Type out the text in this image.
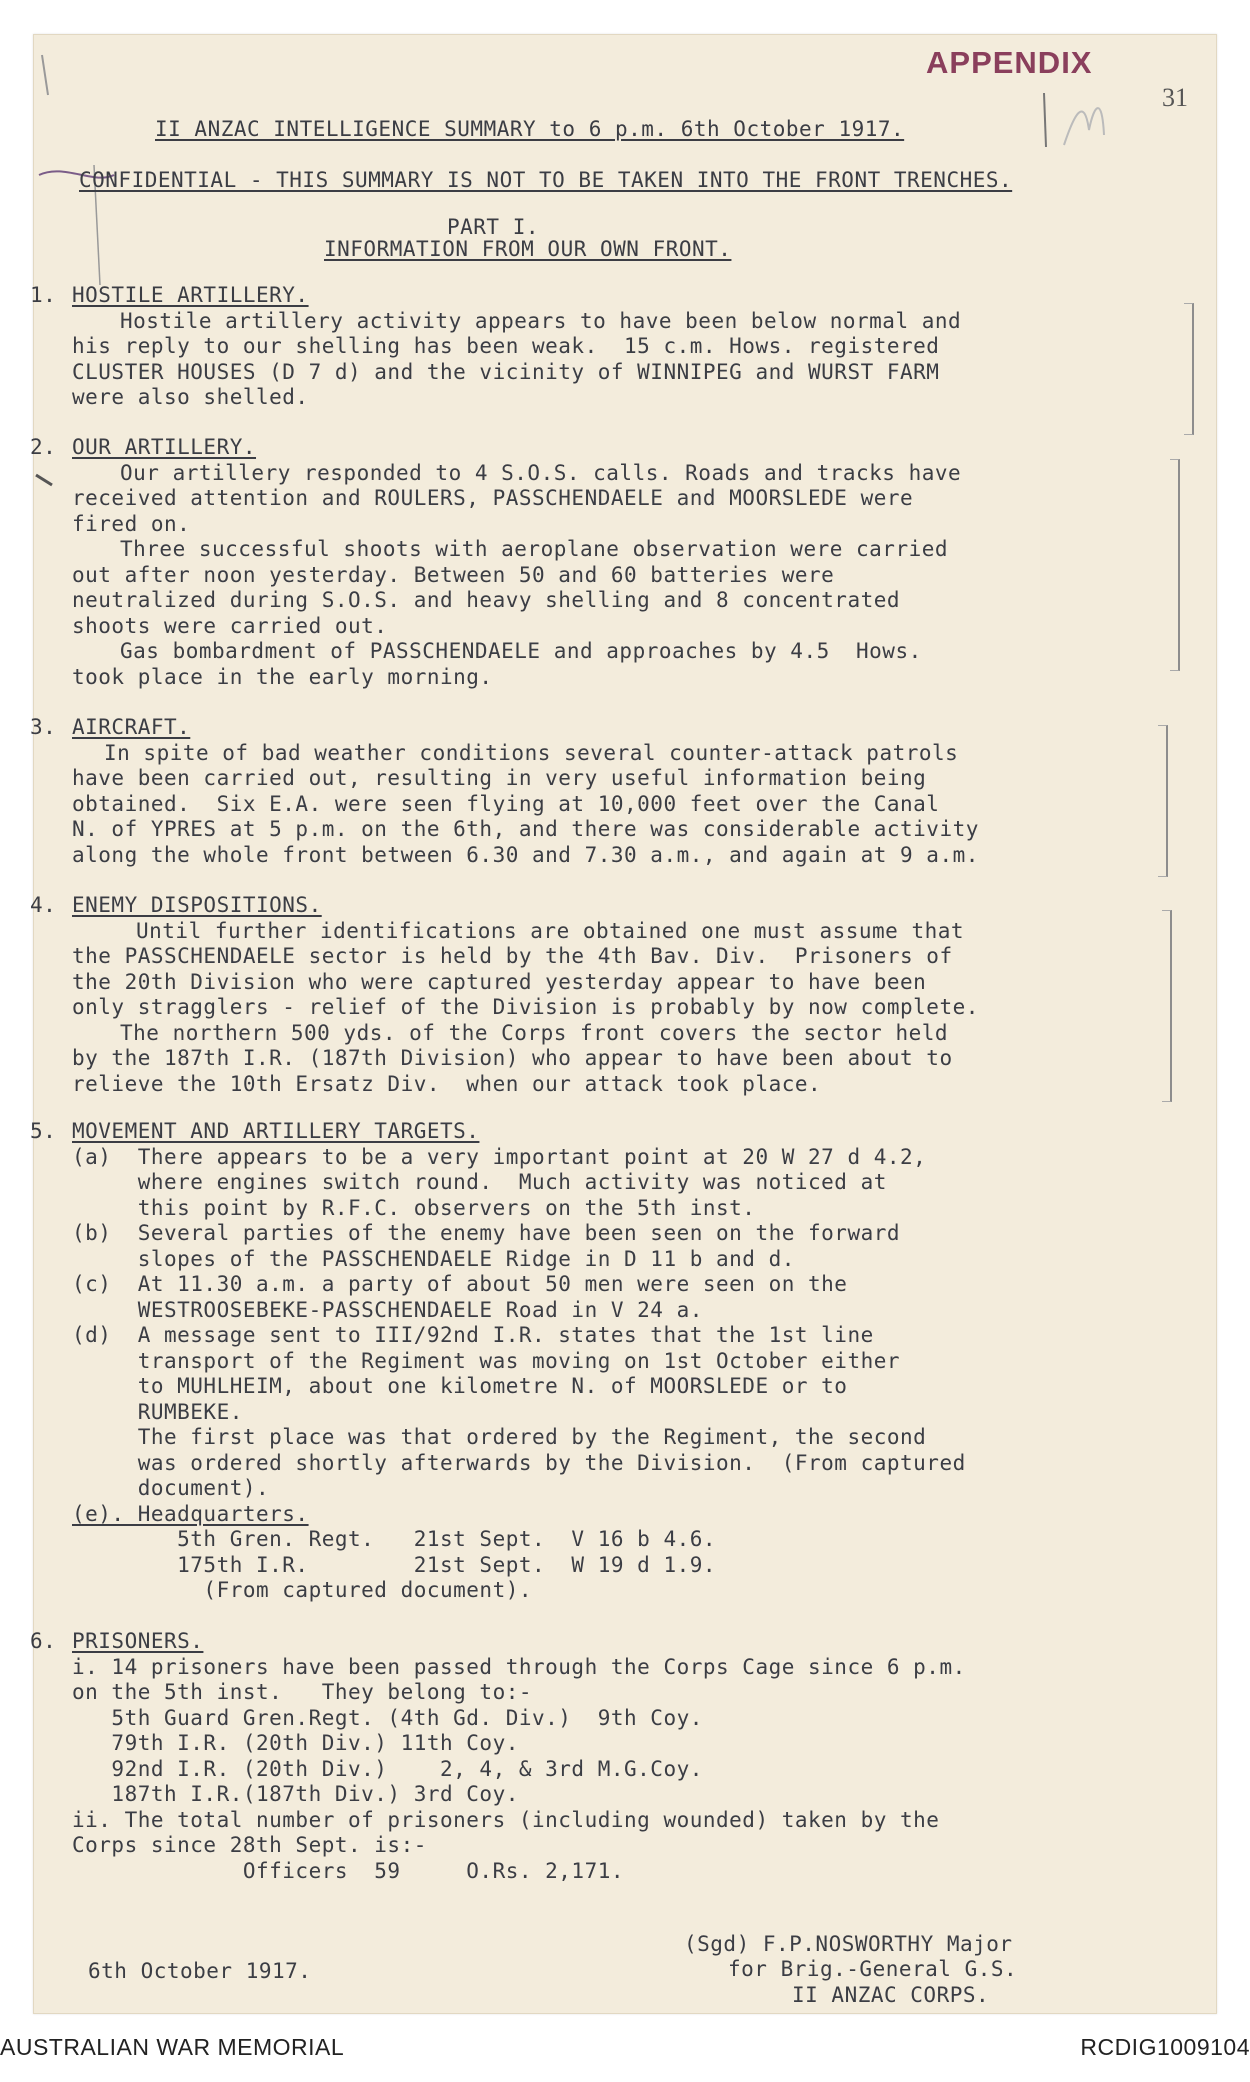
APPENDIX
31
II ANZAC INTELLIGENCE SUMMARY to 6 p.m. 6th October 1917.
CONFIDENTIAL - THIS SUMMARY IS NOT TO BE TAKEN INTO THE FRONT TRENCHES.
PART I.
INFORMATION FROM OUR OWN FRONT.
1. HOSTILE ARTILLERY.
Hostile artillery activity appears to have been below normal and
his reply to our shelling has been weak.  15 c.m. Hows. registered
CLUSTER HOUSES (D 7 d) and the vicinity of WINNIPEG and WURST FARM
were also shelled.
2. OUR ARTILLERY.
Our artillery responded to 4 S.O.S. calls. Roads and tracks have
received attention and ROULERS, PASSCHENDAELE and MOORSLEDE were
fired on.
Three successful shoots with aeroplane observation were carried
out after noon yesterday. Between 50 and 60 batteries were
neutralized during S.O.S. and heavy shelling and 8 concentrated
shoots were carried out.
Gas bombardment of PASSCHENDAELE and approaches by 4.5  Hows.
took place in the early morning.
3. AIRCRAFT.
In spite of bad weather conditions several counter-attack patrols
have been carried out, resulting in very useful information being
obtained.  Six E.A. were seen flying at 10,000 feet over the Canal
N. of YPRES at 5 p.m. on the 6th, and there was considerable activity
along the whole front between 6.30 and 7.30 a.m., and again at 9 a.m.
4. ENEMY DISPOSITIONS.
Until further identifications are obtained one must assume that
the PASSCHENDAELE sector is held by the 4th Bav. Div.  Prisoners of
the 20th Division who were captured yesterday appear to have been
only stragglers - relief of the Division is probably by now complete.
The northern 500 yds. of the Corps front covers the sector held
by the 187th I.R. (187th Division) who appear to have been about to
relieve the 10th Ersatz Div.  when our attack took place.
5. MOVEMENT AND ARTILLERY TARGETS.
(a)  There appears to be a very important point at 20 W 27 d 4.2,
where engines switch round.  Much activity was noticed at
this point by R.F.C. observers on the 5th inst.
(b)  Several parties of the enemy have been seen on the forward
slopes of the PASSCHENDAELE Ridge in D 11 b and d.
(c)  At 11.30 a.m. a party of about 50 men were seen on the
WESTROOSEBEKE-PASSCHENDAELE Road in V 24 a.
(d)  A message sent to III/92nd I.R. states that the 1st line
transport of the Regiment was moving on 1st October either
to MUHLHEIM, about one kilometre N. of MOORSLEDE or to
RUMBEKE.
The first place was that ordered by the Regiment, the second
was ordered shortly afterwards by the Division.  (From captured
document).
(e). Headquarters.
5th Gren. Regt.   21st Sept.  V 16 b 4.6.
175th I.R.        21st Sept.  W 19 d 1.9.
(From captured document).
6. PRISONERS.
i. 14 prisoners have been passed through the Corps Cage since 6 p.m.
on the 5th inst.   They belong to:-
5th Guard Gren.Regt. (4th Gd. Div.)  9th Coy.
79th I.R. (20th Div.) 11th Coy.
92nd I.R. (20th Div.)    2, 4, & 3rd M.G.Coy.
187th I.R.(187th Div.) 3rd Coy.
ii. The total number of prisoners (including wounded) taken by the
Corps since 28th Sept. is:-
Officers  59     O.Rs. 2,171.
(Sgd) F.P.NOSWORTHY Major
for Brig.-General G.S.
II ANZAC CORPS.
6th October 1917.
AUSTRALIAN WAR MEMORIAL	RCDIG1009104
